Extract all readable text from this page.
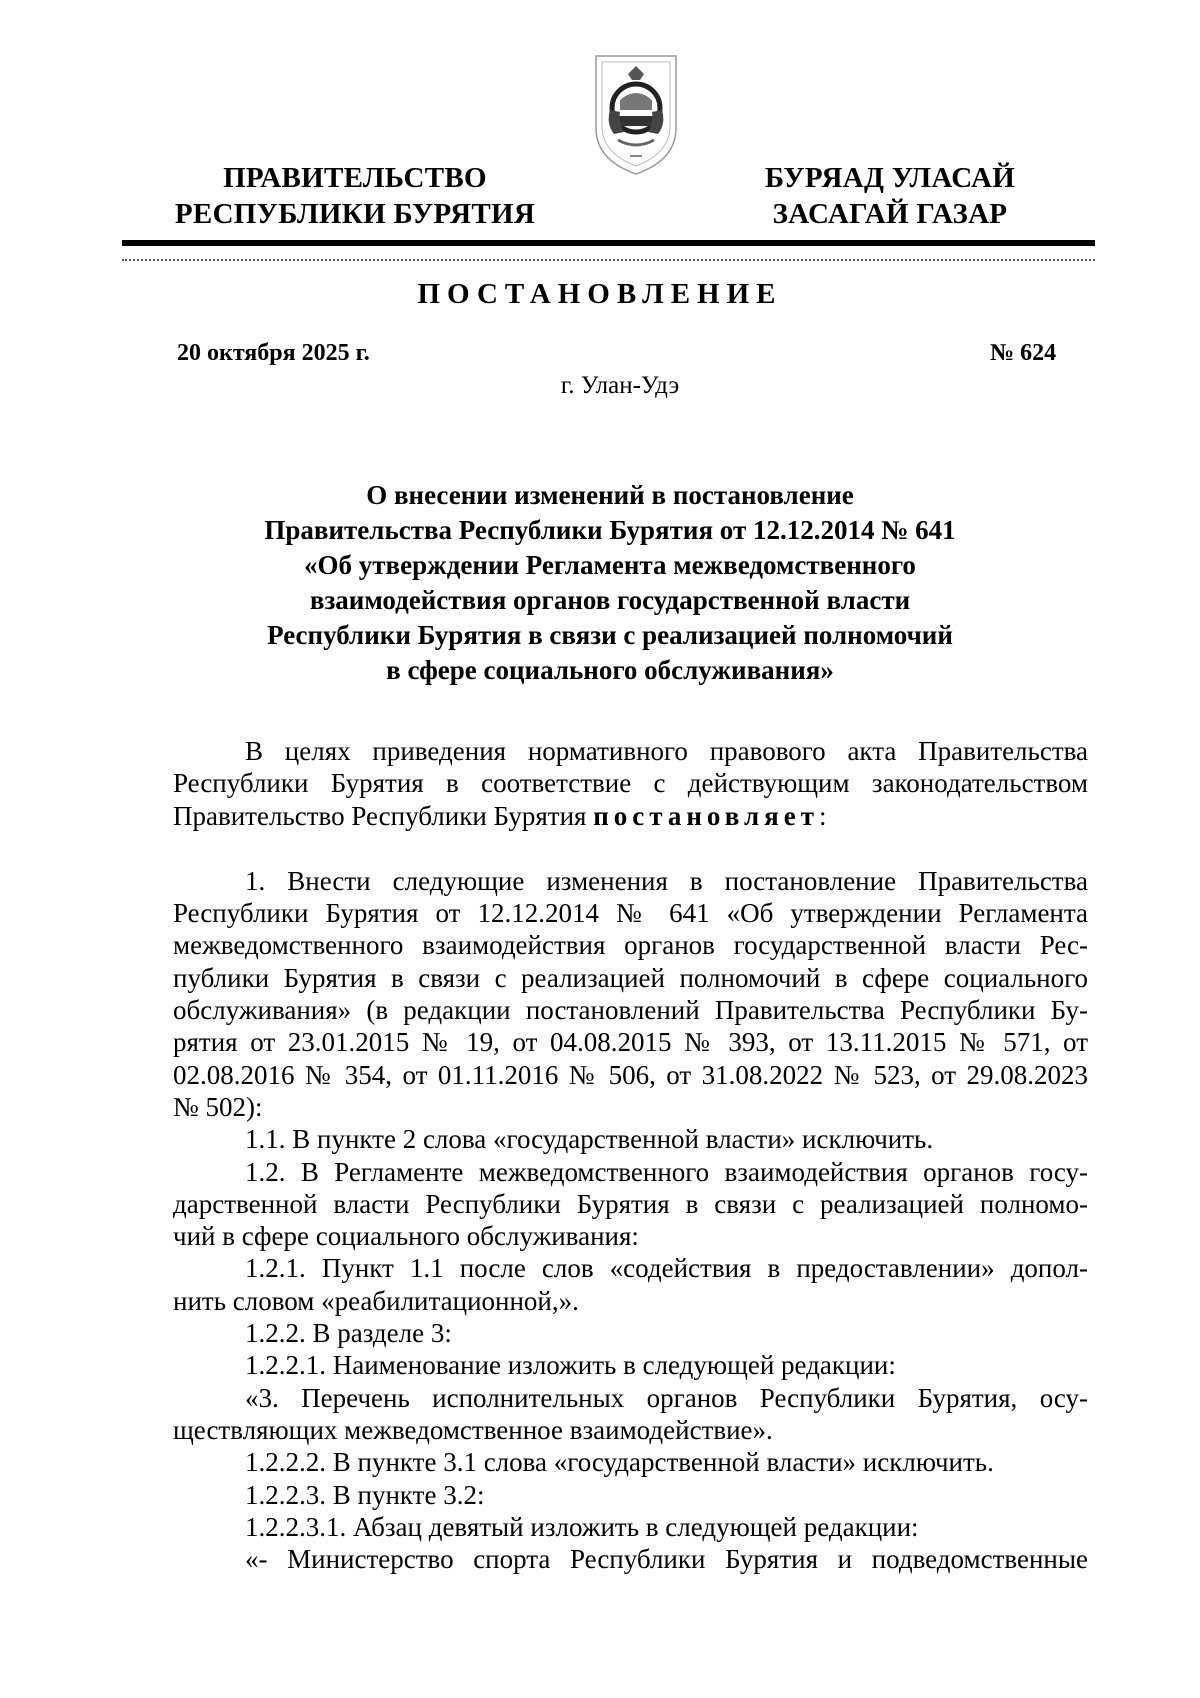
ПРАВИТЕЛЬСТВО
РЕСПУБЛИКИ БУРЯТИЯ
БУРЯАД УЛАСАЙ
ЗАСАГАЙ ГАЗАР
ПОСТАНОВЛЕНИЕ
20 октября 2025 г.	№ 624
г. Улан-Удэ
О внесении изменений в постановление
Правительства Республики Бурятия от 12.12.2014 № 641
«Об утверждении Регламента межведомственного
взаимодействия органов государственной власти
Республики Бурятия в связи с реализацией полномочий
в сфере социального обслуживания»

В целях приведения нормативного правового акта Правительства

Республики Бурятия в соответствие с действующим законодательством

Правительство Республики Бурятия постановляет:

1. Внести следующие изменения в постановление Правительства

Республики Бурятия от 12.12.2014 № 641 «Об утверждении Регламента

межведомственного взаимодействия органов государственной власти Рес-

публики Бурятия в связи с реализацией полномочий в сфере социального

обслуживания» (в редакции постановлений Правительства Республики Бу-

рятия от 23.01.2015 № 19, от 04.08.2015 № 393, от 13.11.2015 № 571, от

02.08.2016 № 354, от 01.11.2016 № 506, от 31.08.2022 № 523, от 29.08.2023

№ 502):

1.1. В пункте 2 слова «государственной власти» исключить.

1.2. В Регламенте межведомственного взаимодействия органов госу-

дарственной власти Республики Бурятия в связи с реализацией полномо-

чий в сфере социального обслуживания:

1.2.1. Пункт 1.1 после слов «содействия в предоставлении» допол-

нить словом «реабилитационной,».

1.2.2. В разделе 3:

1.2.2.1. Наименование изложить в следующей редакции:

«3. Перечень исполнительных органов Республики Бурятия, осу-

ществляющих межведомственное взаимодействие».

1.2.2.2. В пункте 3.1 слова «государственной власти» исключить.

1.2.2.3. В пункте 3.2:

1.2.2.3.1. Абзац девятый изложить в следующей редакции:

«- Министерство спорта Республики Бурятия и подведомственные
